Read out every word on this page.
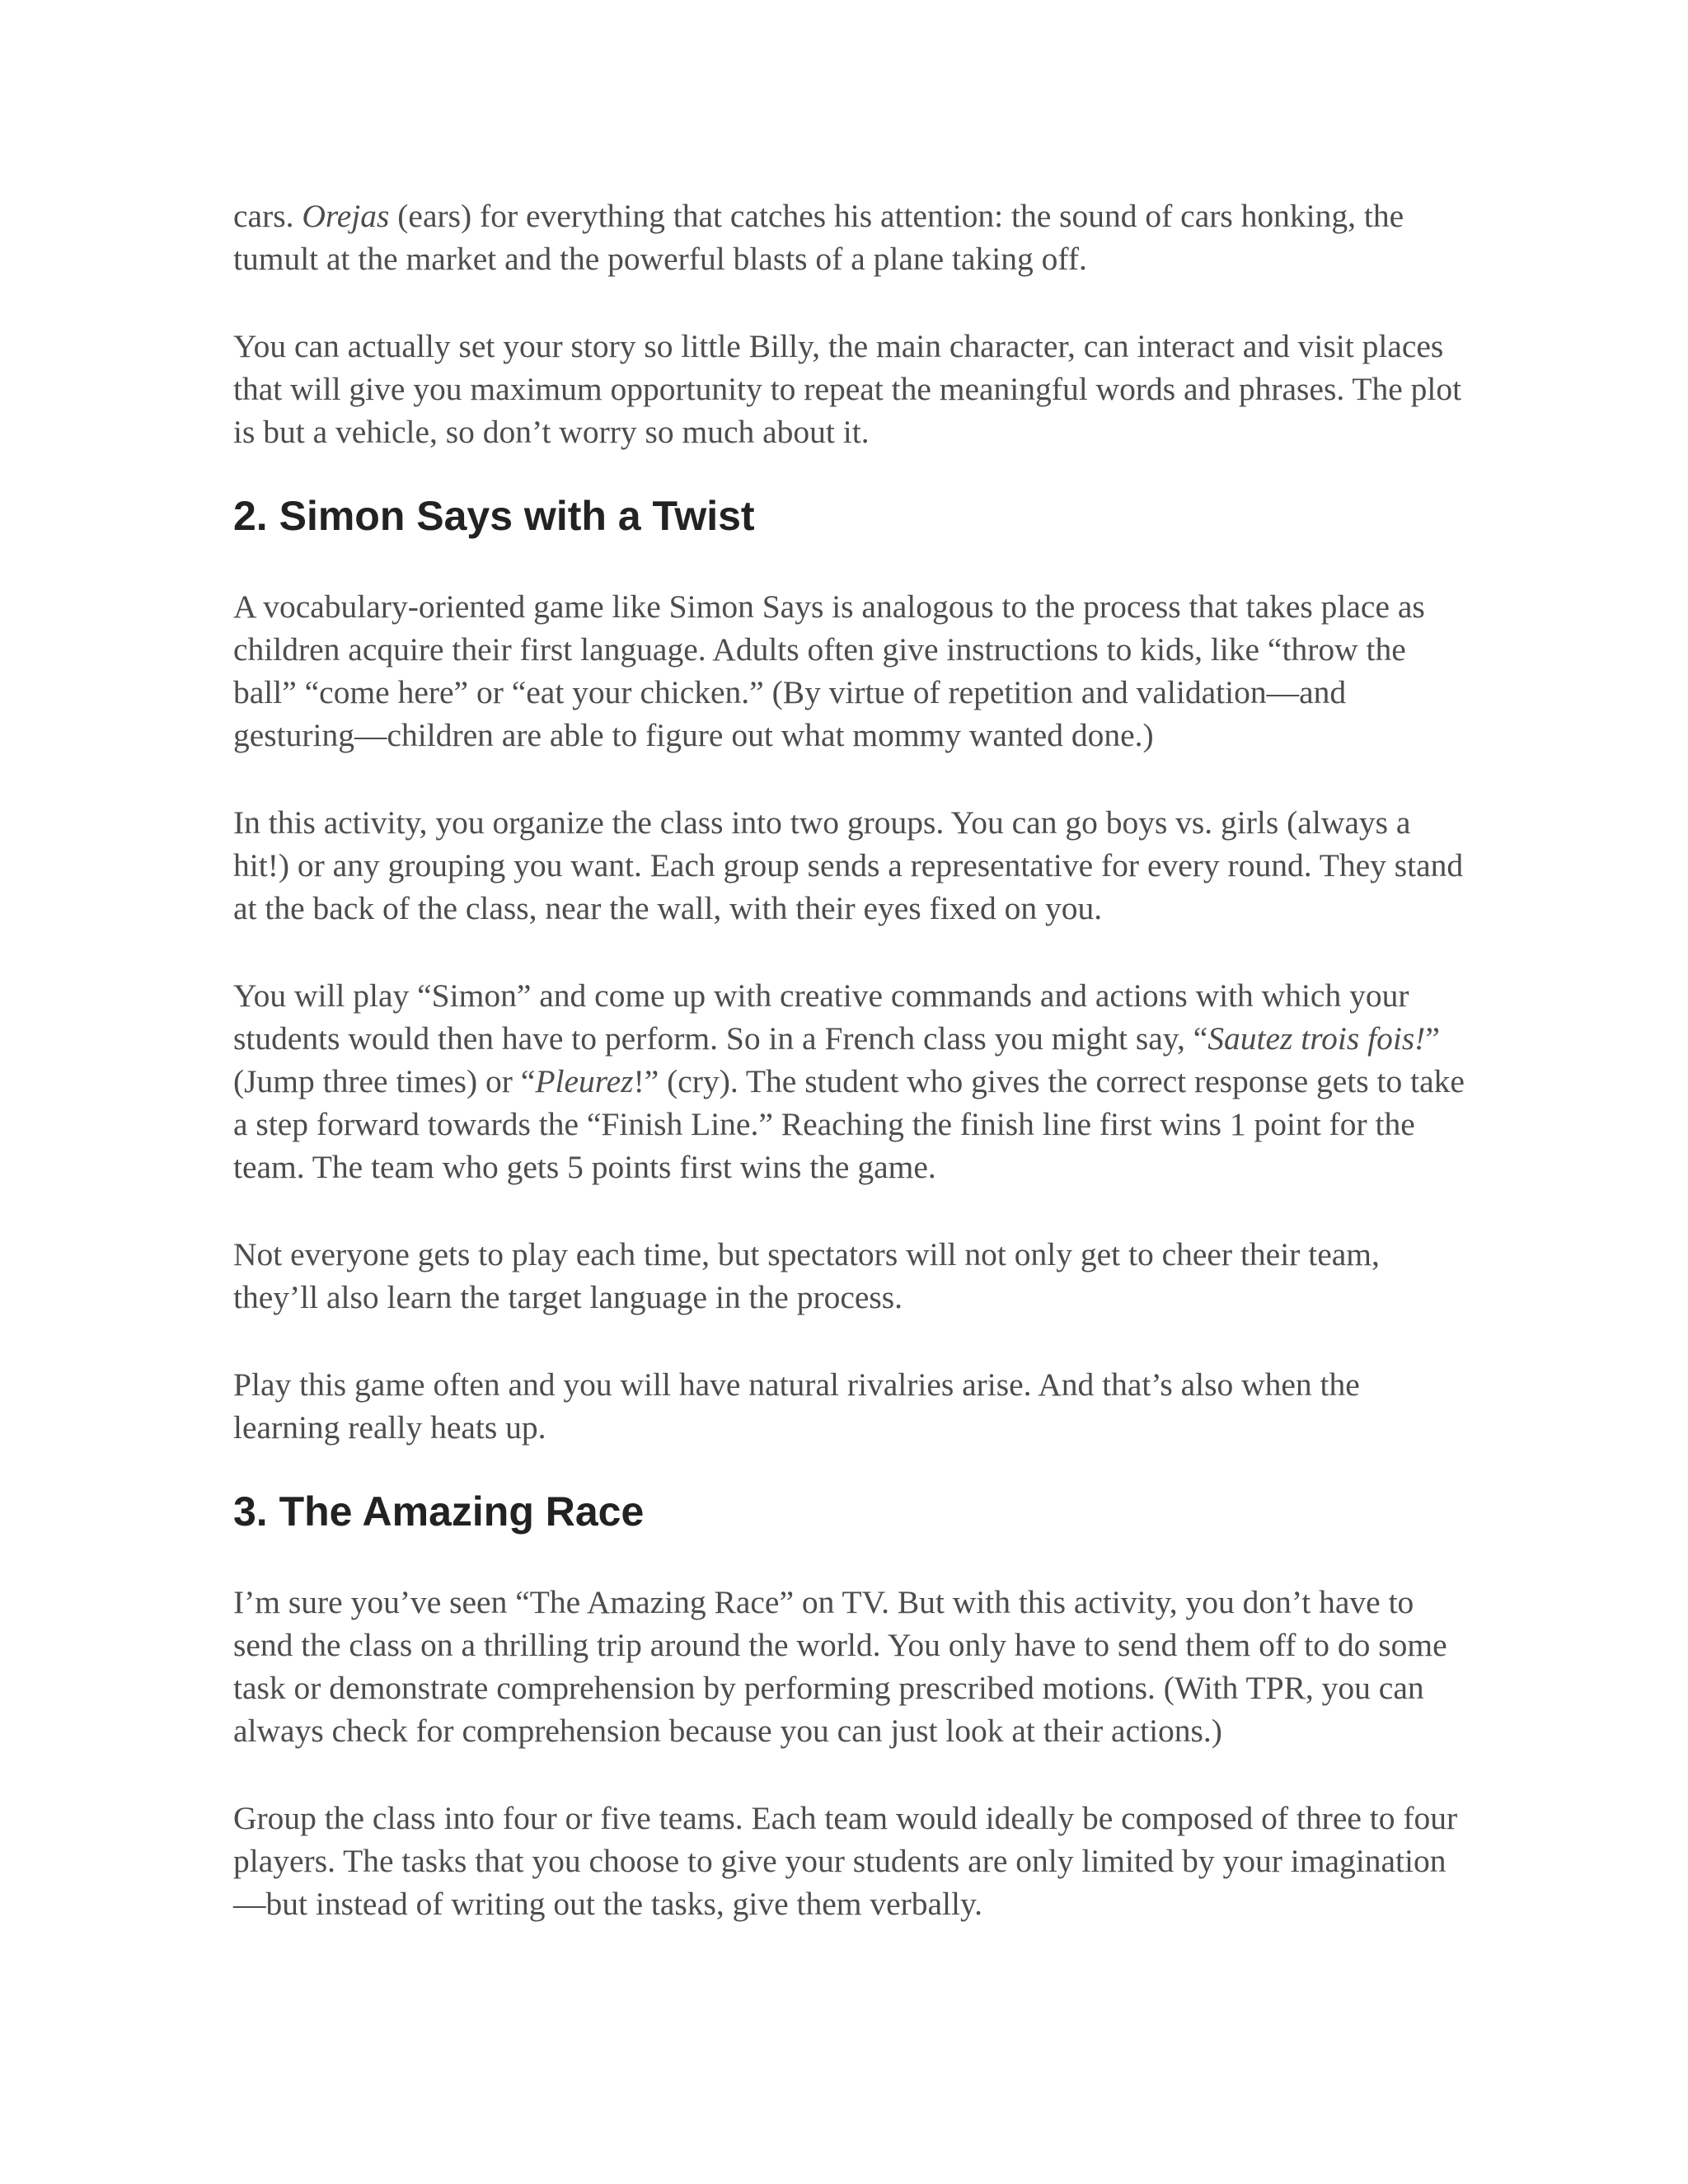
cars. Orejas (ears) for everything that catches his attention: the sound of cars honking, the tumult at the market and the powerful blasts of a plane taking off.

You can actually set your story so little Billy, the main character, can interact and visit places that will give you maximum opportunity to repeat the meaningful words and phrases. The plot is but a vehicle, so don’t worry so much about it.

2. Simon Says with a Twist

A vocabulary-oriented game like Simon Says is analogous to the process that takes place as children acquire their first language. Adults often give instructions to kids, like “throw the ball” “come here” or “eat your chicken.” (By virtue of repetition and validation—and gesturing—children are able to figure out what mommy wanted done.)

In this activity, you organize the class into two groups. You can go boys vs. girls (always a hit!) or any grouping you want. Each group sends a representative for every round. They stand at the back of the class, near the wall, with their eyes fixed on you.

You will play “Simon” and come up with creative commands and actions with which your students would then have to perform. So in a French class you might say, “Sautez trois fois!” (Jump three times) or “Pleurez!” (cry). The student who gives the correct response gets to take a step forward towards the “Finish Line.” Reaching the finish line first wins 1 point for the team. The team who gets 5 points first wins the game.

Not everyone gets to play each time, but spectators will not only get to cheer their team, they’ll also learn the target language in the process.

Play this game often and you will have natural rivalries arise. And that’s also when the learning really heats up.

3. The Amazing Race

I’m sure you’ve seen “The Amazing Race” on TV. But with this activity, you don’t have to send the class on a thrilling trip around the world. You only have to send them off to do some task or demonstrate comprehension by performing prescribed motions. (With TPR, you can always check for comprehension because you can just look at their actions.)

Group the class into four or five teams. Each team would ideally be composed of three to four players. The tasks that you choose to give your students are only limited by your imagination—but instead of writing out the tasks, give them verbally.
